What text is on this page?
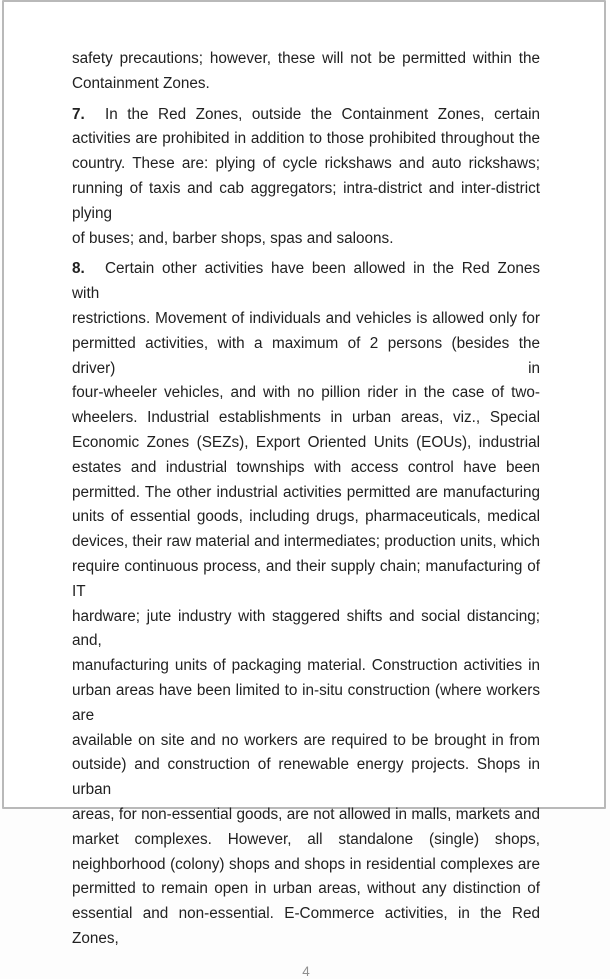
safety precautions; however, these will not be permitted within the
Containment Zones.
7. In the Red Zones, outside the Containment Zones, certain
activities are prohibited in addition to those prohibited throughout the
country. These are: plying of cycle rickshaws and auto rickshaws;
running of taxis and cab aggregators; intra-district and inter-district plying
of buses; and, barber shops, spas and saloons.
8. Certain other activities have been allowed in the Red Zones with
restrictions. Movement of individuals and vehicles is allowed only for
permitted activities, with a maximum of 2 persons (besides the driver) in
four-wheeler vehicles, and with no pillion rider in the case of two-
wheelers. Industrial establishments in urban areas, viz., Special
Economic Zones (SEZs), Export Oriented Units (EOUs), industrial
estates and industrial townships with access control have been
permitted. The other industrial activities permitted are manufacturing
units of essential goods, including drugs, pharmaceuticals, medical
devices, their raw material and intermediates; production units, which
require continuous process, and their supply chain; manufacturing of IT
hardware; jute industry with staggered shifts and social distancing; and,
manufacturing units of packaging material. Construction activities in
urban areas have been limited to in-situ construction (where workers are
available on site and no workers are required to be brought in from
outside) and construction of renewable energy projects. Shops in urban
areas, for non-essential goods, are not allowed in malls, markets and
market complexes. However, all standalone (single) shops,
neighborhood (colony) shops and shops in residential complexes are
permitted to remain open in urban areas, without any distinction of
essential and non-essential. E-Commerce activities, in the Red Zones,
4
